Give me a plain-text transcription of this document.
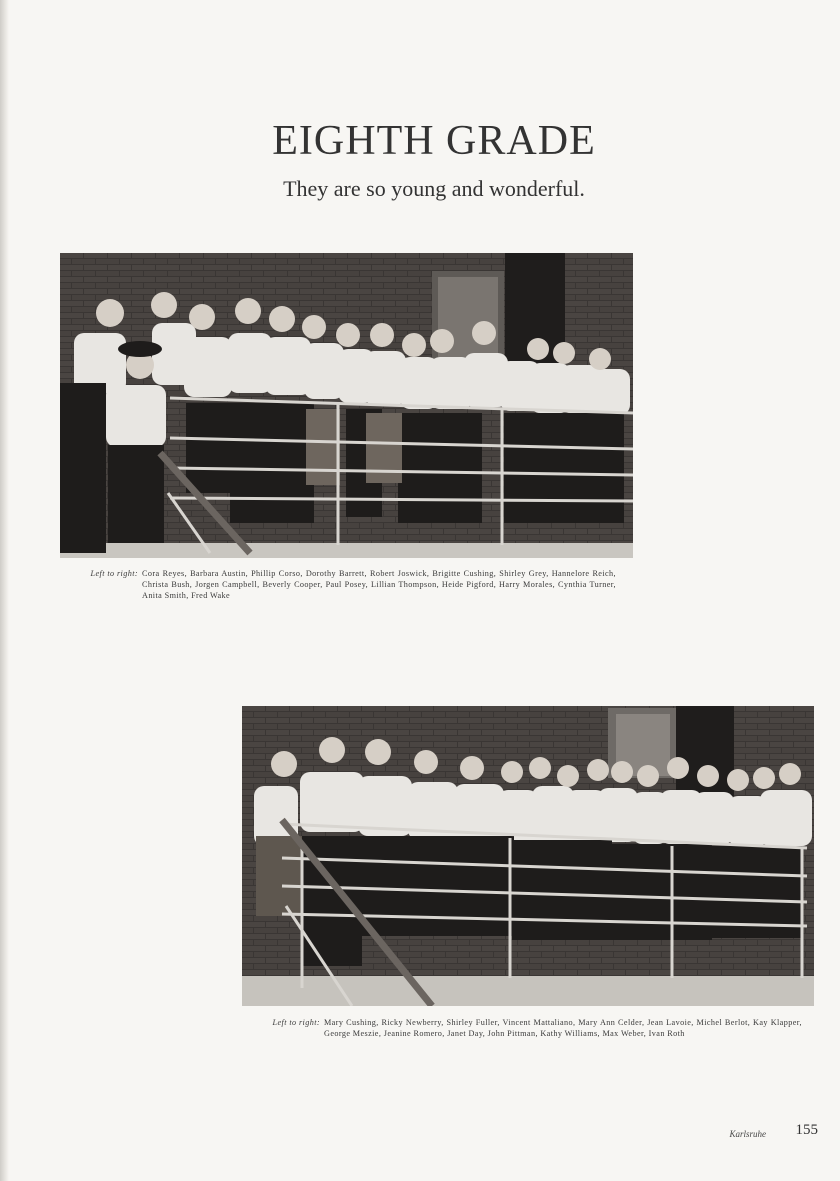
EIGHTH GRADE

They are so young and wonderful.

Left to right: Cora Reyes, Barbara Austin, Phillip Corso, Dorothy Barrett, Robert Joswick, Brigitte Cushing, Shirley Grey, Hannelore Reich, Christa Bush, Jorgen Campbell, Beverly Cooper, Paul Posey, Lillian Thompson, Heide Pigford, Harry Morales, Cynthia Turner, Anita Smith, Fred Wake
Left to right: Mary Cushing, Ricky Newberry, Shirley Fuller, Vincent Mattaliano, Mary Ann Celder, Jean Lavoie, Michel Berlot, Kay Klapper, George Meszie, Jeanine Romero, Janet Day, John Pittman, Kathy Williams, Max Weber, Ivan Roth
Karlsruhe 155
